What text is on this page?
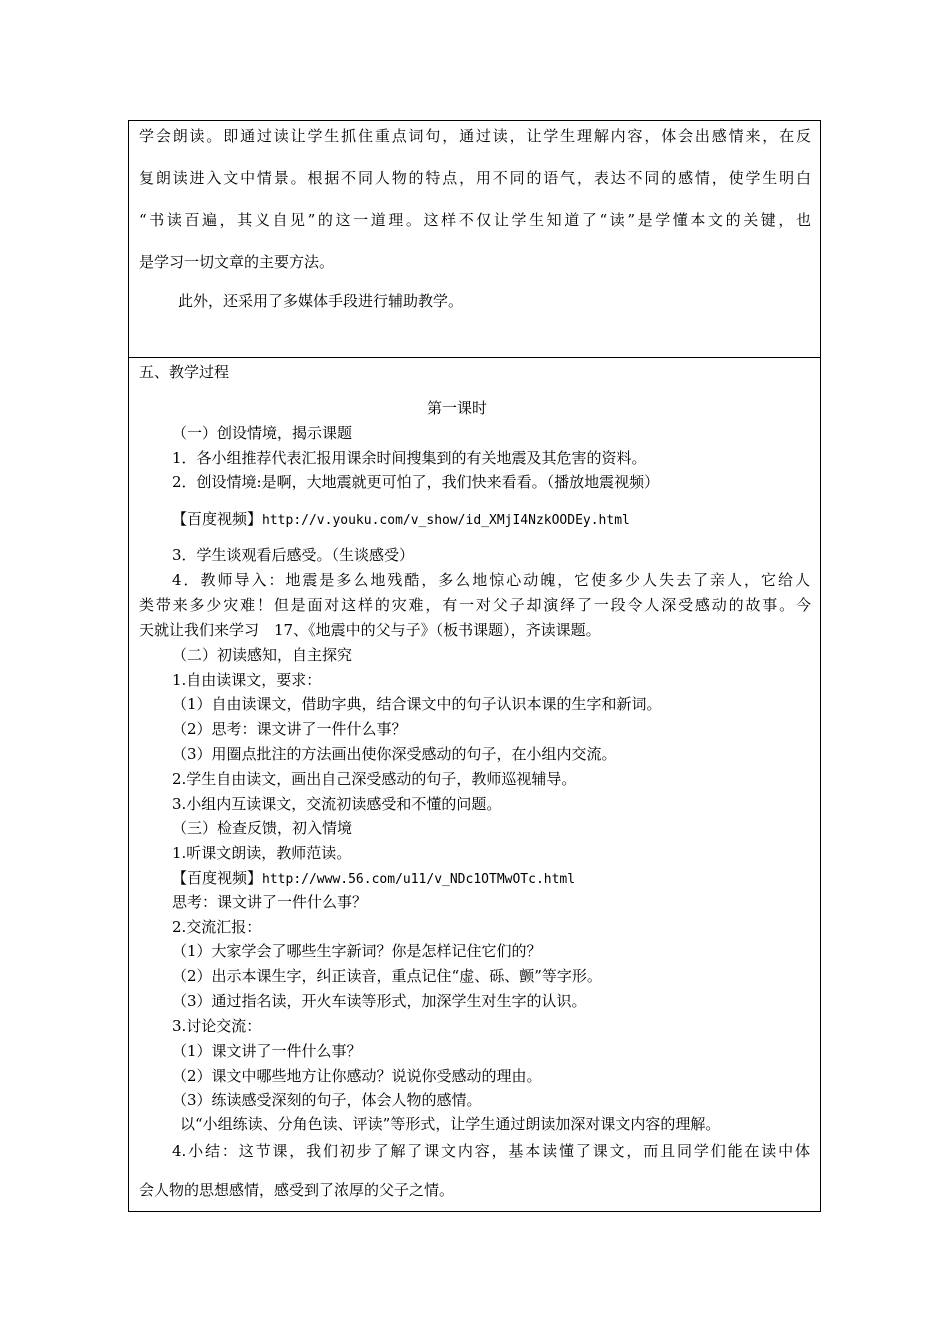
学会朗读。即通过读让学生抓住重点词句，通过读，让学生理解内容，体会出感情来，在反
复朗读进入文中情景。根据不同人物的特点，用不同的语气，表达不同的感情，使学生明白
“书读百遍，其义自见”的这一道理。这样不仅让学生知道了“读”是学懂本文的关键，也
是学习一切文章的主要方法。
此外，还采用了多媒体手段进行辅助教学。
五、教学过程
第一课时
（一）创设情境，揭示课题
1．各小组推荐代表汇报用课余时间搜集到的有关地震及其危害的资料。
2．创设情境:是啊，大地震就更可怕了，我们快来看看。（播放地震视频）
【百度视频】http://v.youku.com/v_show/id_XMjI4NzkOODEy.html
3．学生谈观看后感受。（生谈感受）
4．教师导入：地震是多么地残酷，多么地惊心动魄，它使多少人失去了亲人，它给人
类带来多少灾难！但是面对这样的灾难，有一对父子却演绎了一段令人深受感动的故事。今
天就让我们来学习　17、《地震中的父与子》（板书课题），齐读课题。
（二）初读感知，自主探究
1.自由读课文，要求：
（1）自由读课文，借助字典，结合课文中的句子认识本课的生字和新词。
（2）思考：课文讲了一件什么事？
（3）用圈点批注的方法画出使你深受感动的句子，在小组内交流。
2.学生自由读文，画出自己深受感动的句子，教师巡视辅导。
3.小组内互读课文，交流初读感受和不懂的问题。
（三）检查反馈，初入情境
1.听课文朗读，教师范读。
【百度视频】http://www.56.com/u11/v_NDc1OTMwOTc.html
思考：课文讲了一件什么事？
2.交流汇报：
（1）大家学会了哪些生字新词？你是怎样记住它们的？
（2）出示本课生字，纠正读音，重点记住“虚、砾、颤”等字形。
（3）通过指名读，开火车读等形式，加深学生对生字的认识。
3.讨论交流：
（1）课文讲了一件什么事？
（2）课文中哪些地方让你感动？说说你受感动的理由。
（3）练读感受深刻的句子，体会人物的感情。
以“小组练读、分角色读、评读”等形式，让学生通过朗读加深对课文内容的理解。
4.小结：这节课，我们初步了解了课文内容，基本读懂了课文，而且同学们能在读中体
会人物的思想感情，感受到了浓厚的父子之情。
